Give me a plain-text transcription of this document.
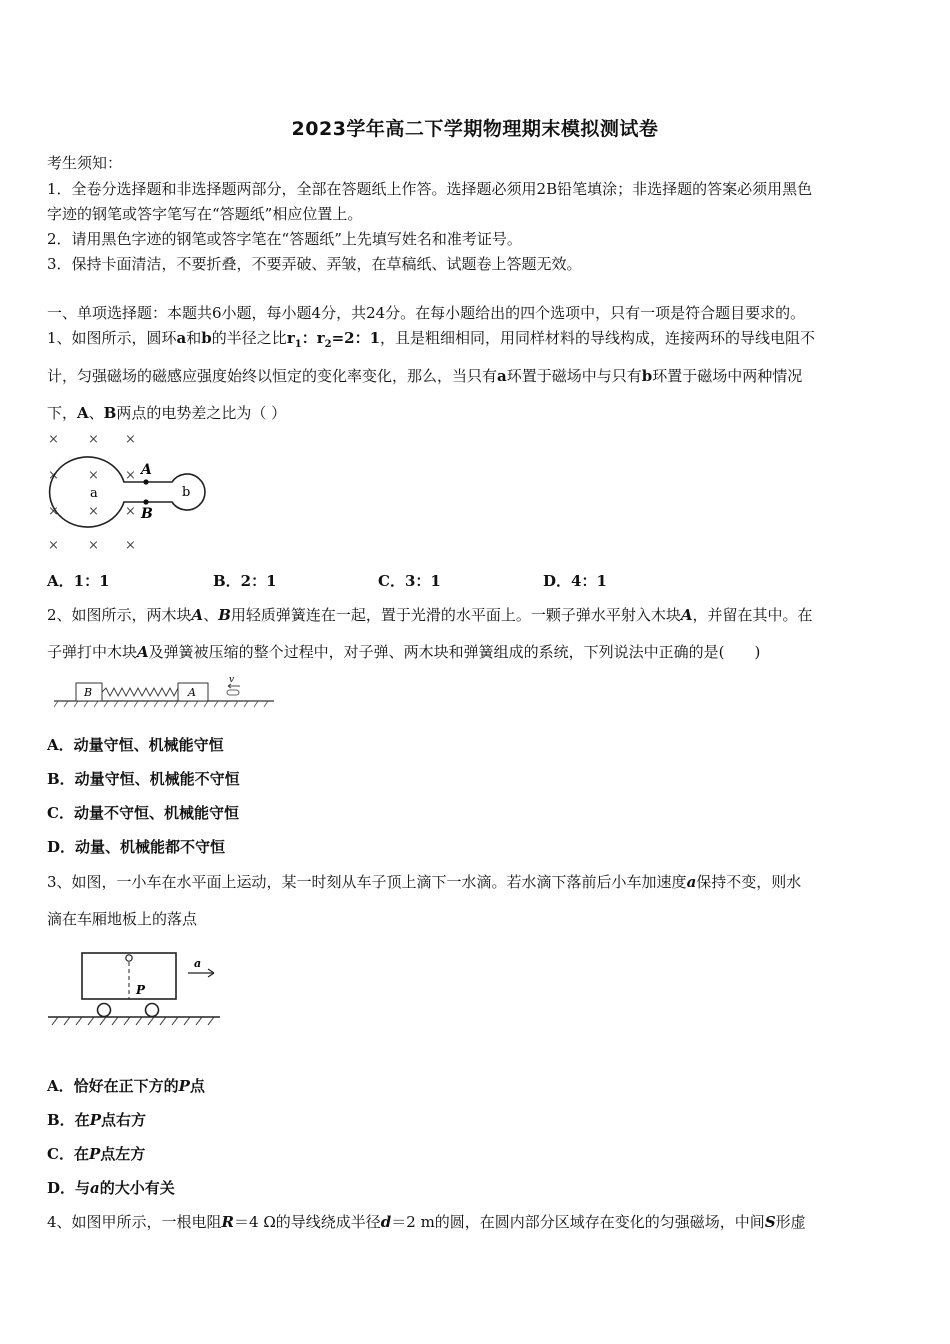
2023学年高二下学期物理期末模拟测试卷
考生须知：
1．全卷分选择题和非选择题两部分，全部在答题纸上作答。选择题必须用2B铅笔填涂；非选择题的答案必须用黑色
字迹的钢笔或答字笔写在“答题纸”相应位置上。
2．请用黑色字迹的钢笔或答字笔在“答题纸”上先填写姓名和准考证号。
3．保持卡面清洁，不要折叠，不要弄破、弄皱，在草稿纸、试题卷上答题无效。
一、单项选择题：本题共6小题，每小题4分，共24分。在每小题给出的四个选项中，只有一项是符合题目要求的。
1、如图所示，圆环a和b的半径之比$r_1$：$r_2=2$：1，且是粗细相同，用同样材料的导线构成，连接两环的导线电阻不
计，匀强磁场的磁感应强度始终以恒定的变化率变化，那么，当只有a环置于磁场中与只有b环置于磁场中两种情况
下，A、B两点的电势差之比为（ ）
× × ×
× × ×
× × ×
× × ×
A
B
a	b
A．1：1	B．2：1	C．3：1	D．4：1
2、如图所示，两木块A、B用轻质弹簧连在一起，置于光滑的水平面上。一颗子弹水平射入木块A，并留在其中。在
子弹打中木块A及弹簧被压缩的整个过程中，对子弹、两木块和弹簧组成的系统，下列说法中正确的是(　　)
B	A
v
A．动量守恒、机械能守恒
B．动量守恒、机械能不守恒
C．动量不守恒、机械能守恒
D．动量、机械能都不守恒
3、如图，一小车在水平面上运动，某一时刻从车子顶上滴下一水滴。若水滴下落前后小车加速度a保持不变，则水
滴在车厢地板上的落点
P
a
A．恰好在正下方的P点
B．在P点右方
C．在P点左方
D．与a的大小有关
4、如图甲所示，一根电阻R＝4 Ω的导线绕成半径d＝2 m的圆，在圆内部分区域存在变化的匀强磁场，中间S形虚
